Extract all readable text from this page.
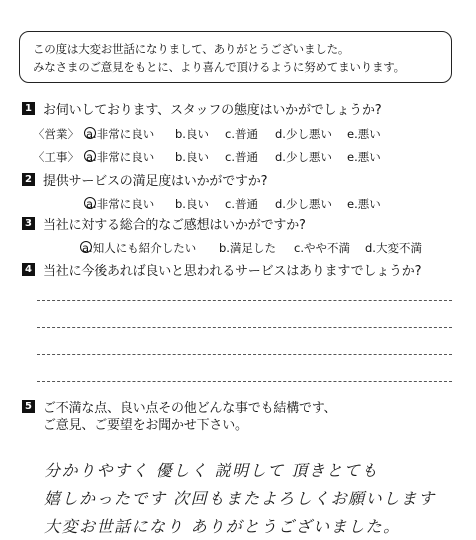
この度は大変お世話になりまして、ありがとうございました。
みなさまのご意見をもとに、より喜んで頂けるように努めてまいります。
1 お伺いしております、スタッフの態度はいかがでしょうか?
〈営業〉 a.非常に良い b.良い c.普通 d.少し悪い e.悪い
〈工事〉 a.非常に良い b.良い c.普通 d.少し悪い e.悪い
2 提供サービスの満足度はいかがですか?
a.非常に良い b.良い c.普通 d.少し悪い e.悪い
3 当社に対する総合的なご感想はいかがですか?
a.知人にも紹介したい b.満足した c.やや不満 d.大変不満
4 当社に今後あれば良いと思われるサービスはありますでしょうか?
5 ご不満な点、良い点その他どんな事でも結構です、
ご意見、ご要望をお聞かせ下さい。
分かりやすく 優しく 説明して 頂きとても
嬉しかったです 次回もまたよろしくお願いします
大変お世話になり ありがとうございました。
